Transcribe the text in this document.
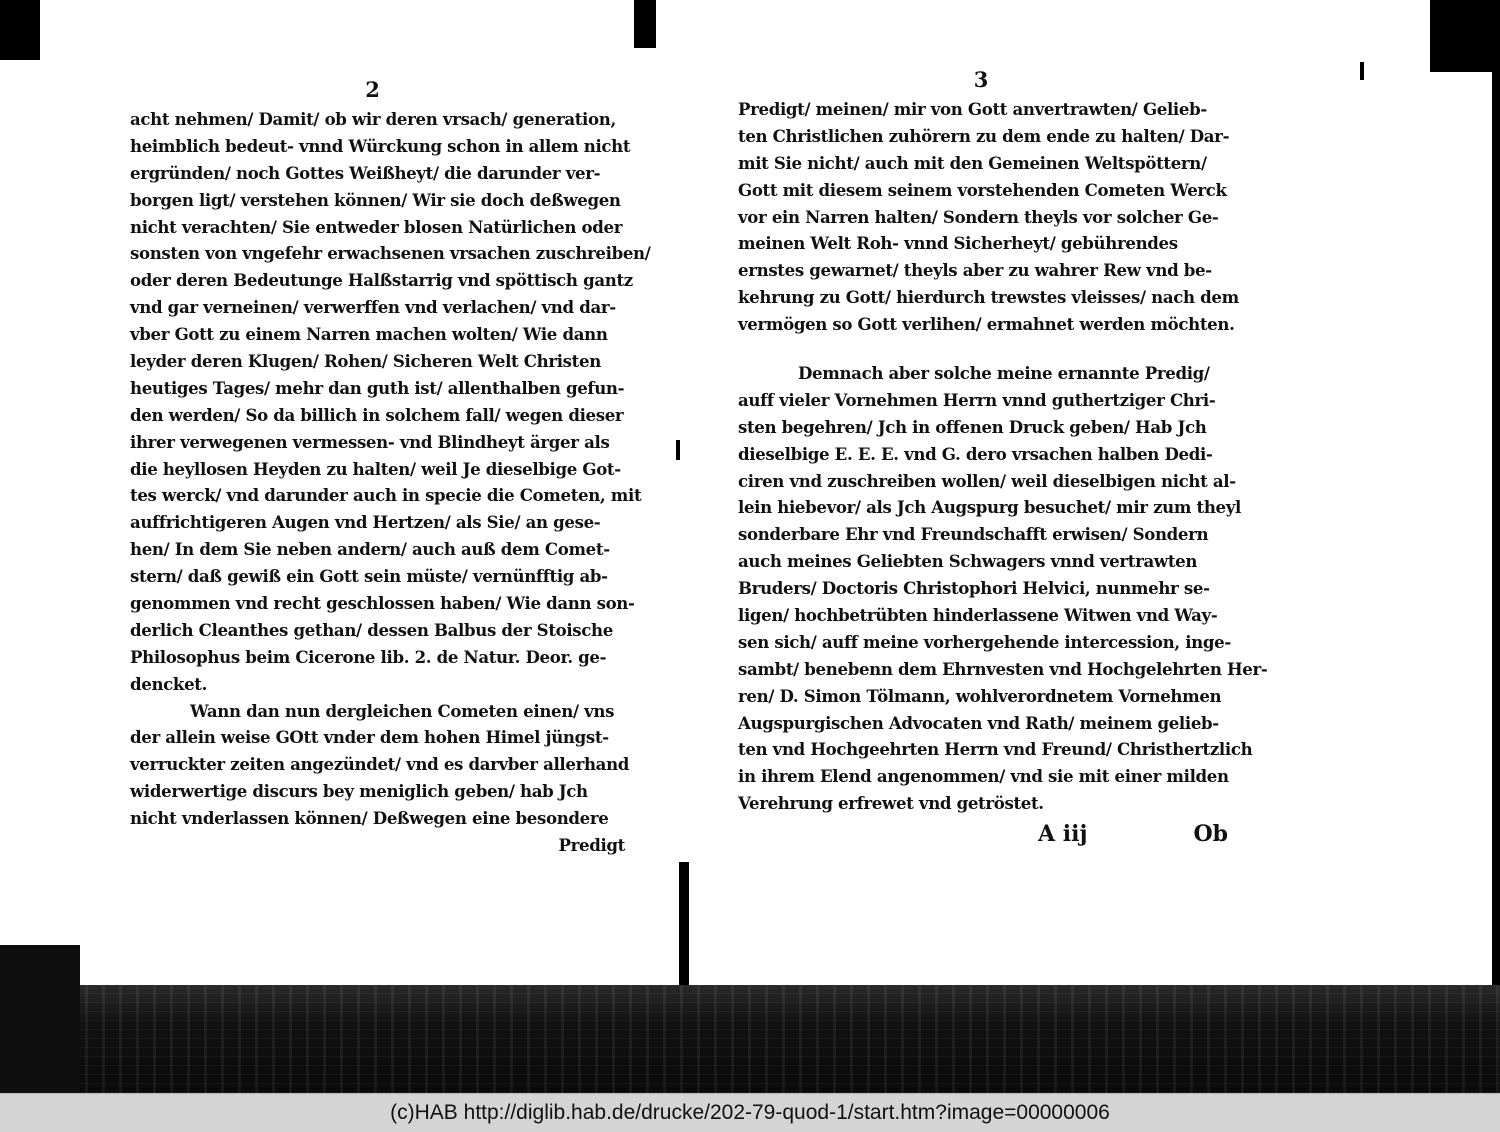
2
acht nehmen/ Damit/ ob wir deren vrsach/ generation,
heimblich bedeut- vnnd Würckung schon in allem nicht
ergründen/ noch Gottes Weißheyt/ die darunder ver-
borgen ligt/ verstehen können/ Wir sie doch deßwegen
nicht verachten/ Sie entweder blosen Natürlichen oder
sonsten von vngefehr erwachsenen vrsachen zuschreiben/
oder deren Bedeutunge Halßstarrig vnd spöttisch gantz
vnd gar verneinen/ verwerffen vnd verlachen/ vnd dar-
vber Gott zu einem Narren machen wolten/ Wie dann
leyder deren Klugen/ Rohen/ Sicheren Welt Christen
heutiges Tages/ mehr dan guth ist/ allenthalben gefun-
den werden/ So da billich in solchem fall/ wegen dieser
ihrer verwegenen vermessen- vnd Blindheyt ärger als
die heyllosen Heyden zu halten/ weil Je dieselbige Got-
tes werck/ vnd darunder auch in specie die Cometen, mit
auffrichtigeren Augen vnd Hertzen/ als Sie/ an gese-
hen/ In dem Sie neben andern/ auch auß dem Comet-
stern/ daß gewiß ein Gott sein müste/ vernünfftig ab-
genommen vnd recht geschlossen haben/ Wie dann son-
derlich Cleanthes gethan/ dessen Balbus der Stoische
Philosophus beim Cicerone lib. 2. de Natur. Deor. ge-
dencket.
Wann dan nun dergleichen Cometen einen/ vns
der allein weise GOtt vnder dem hohen Himel jüngst-
verruckter zeiten angezündet/ vnd es darvber allerhand
widerwertige discurs bey meniglich geben/ hab Jch
nicht vnderlassen können/ Deßwegen eine besondere
Predigt
3
Predigt/ meinen/ mir von Gott anvertrawten/ Gelieb-
ten Christlichen zuhörern zu dem ende zu halten/ Dar-
mit Sie nicht/ auch mit den Gemeinen Weltspöttern/
Gott mit diesem seinem vorstehenden Cometen Werck
vor ein Narren halten/ Sondern theyls vor solcher Ge-
meinen Welt Roh- vnnd Sicherheyt/ gebührendes
ernstes gewarnet/ theyls aber zu wahrer Rew vnd be-
kehrung zu Gott/ hierdurch trewstes vleisses/ nach dem
vermögen so Gott verlihen/ ermahnet werden möchten.
Demnach aber solche meine ernannte Predig/
auff vieler Vornehmen Herrn vnnd guthertziger Chri-
sten begehren/ Jch in offenen Druck geben/ Hab Jch
dieselbige E. E. E. vnd G. dero vrsachen halben Dedi-
ciren vnd zuschreiben wollen/ weil dieselbigen nicht al-
lein hiebevor/ als Jch Augspurg besuchet/ mir zum theyl
sonderbare Ehr vnd Freundschafft erwisen/ Sondern
auch meines Geliebten Schwagers vnnd vertrawten
Bruders/ Doctoris Christophori Helvici, nunmehr se-
ligen/ hochbetrübten hinderlassene Witwen vnd Way-
sen sich/ auff meine vorhergehende intercession, inge-
sambt/ benebenn dem Ehrnvesten vnd Hochgelehrten Her-
ren/ D. Simon Tölmann, wohlverordnetem Vornehmen
Augspurgischen Advocaten vnd Rath/ meinem gelieb-
ten vnd Hochgeehrten Herrn vnd Freund/ Christhertzlich
in ihrem Elend angenommen/ vnd sie mit einer milden
Verehrung erfrewet vnd getröstet.
A iij	Ob
(c)HAB http://diglib.hab.de/drucke/202-79-quod-1/start.htm?image=00000006
